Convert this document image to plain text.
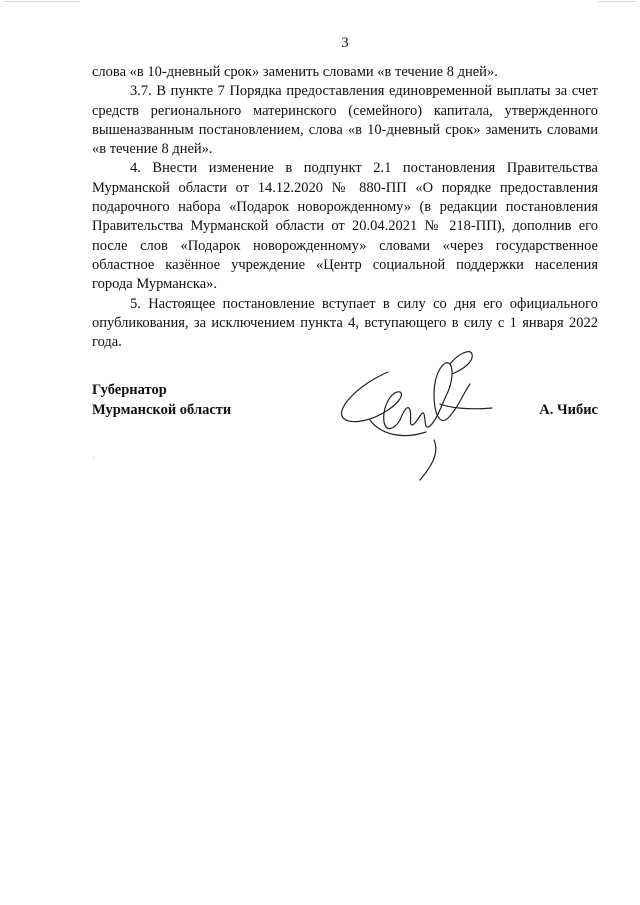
3

слова «в 10-дневный срок» заменить словами «в течение 8 дней».

3.7. В пункте 7 Порядка предоставления единовременной выплаты за счет средств регионального материнского (семейного) капитала, утвержденного вышеназванным постановлением, слова «в 10-дневный срок» заменить словами «в течение 8 дней».

4. Внести изменение в подпункт 2.1 постановления Правительства Мурманской области от 14.12.2020 № 880-ПП «О порядке предоставления подарочного набора «Подарок новорожденному» (в редакции постановления Правительства Мурманской области от 20.04.2021 № 218-ПП), дополнив его после слов «Подарок новорожденному» словами «через государственное областное казённое учреждение «Центр социальной поддержки населения города Мурманска».

5. Настоящее постановление вступает в силу со дня его официального опубликования, за исключением пункта 4, вступающего в силу с 1 января 2022 года.

Губернатор
Мурманской области	А. Чибис
